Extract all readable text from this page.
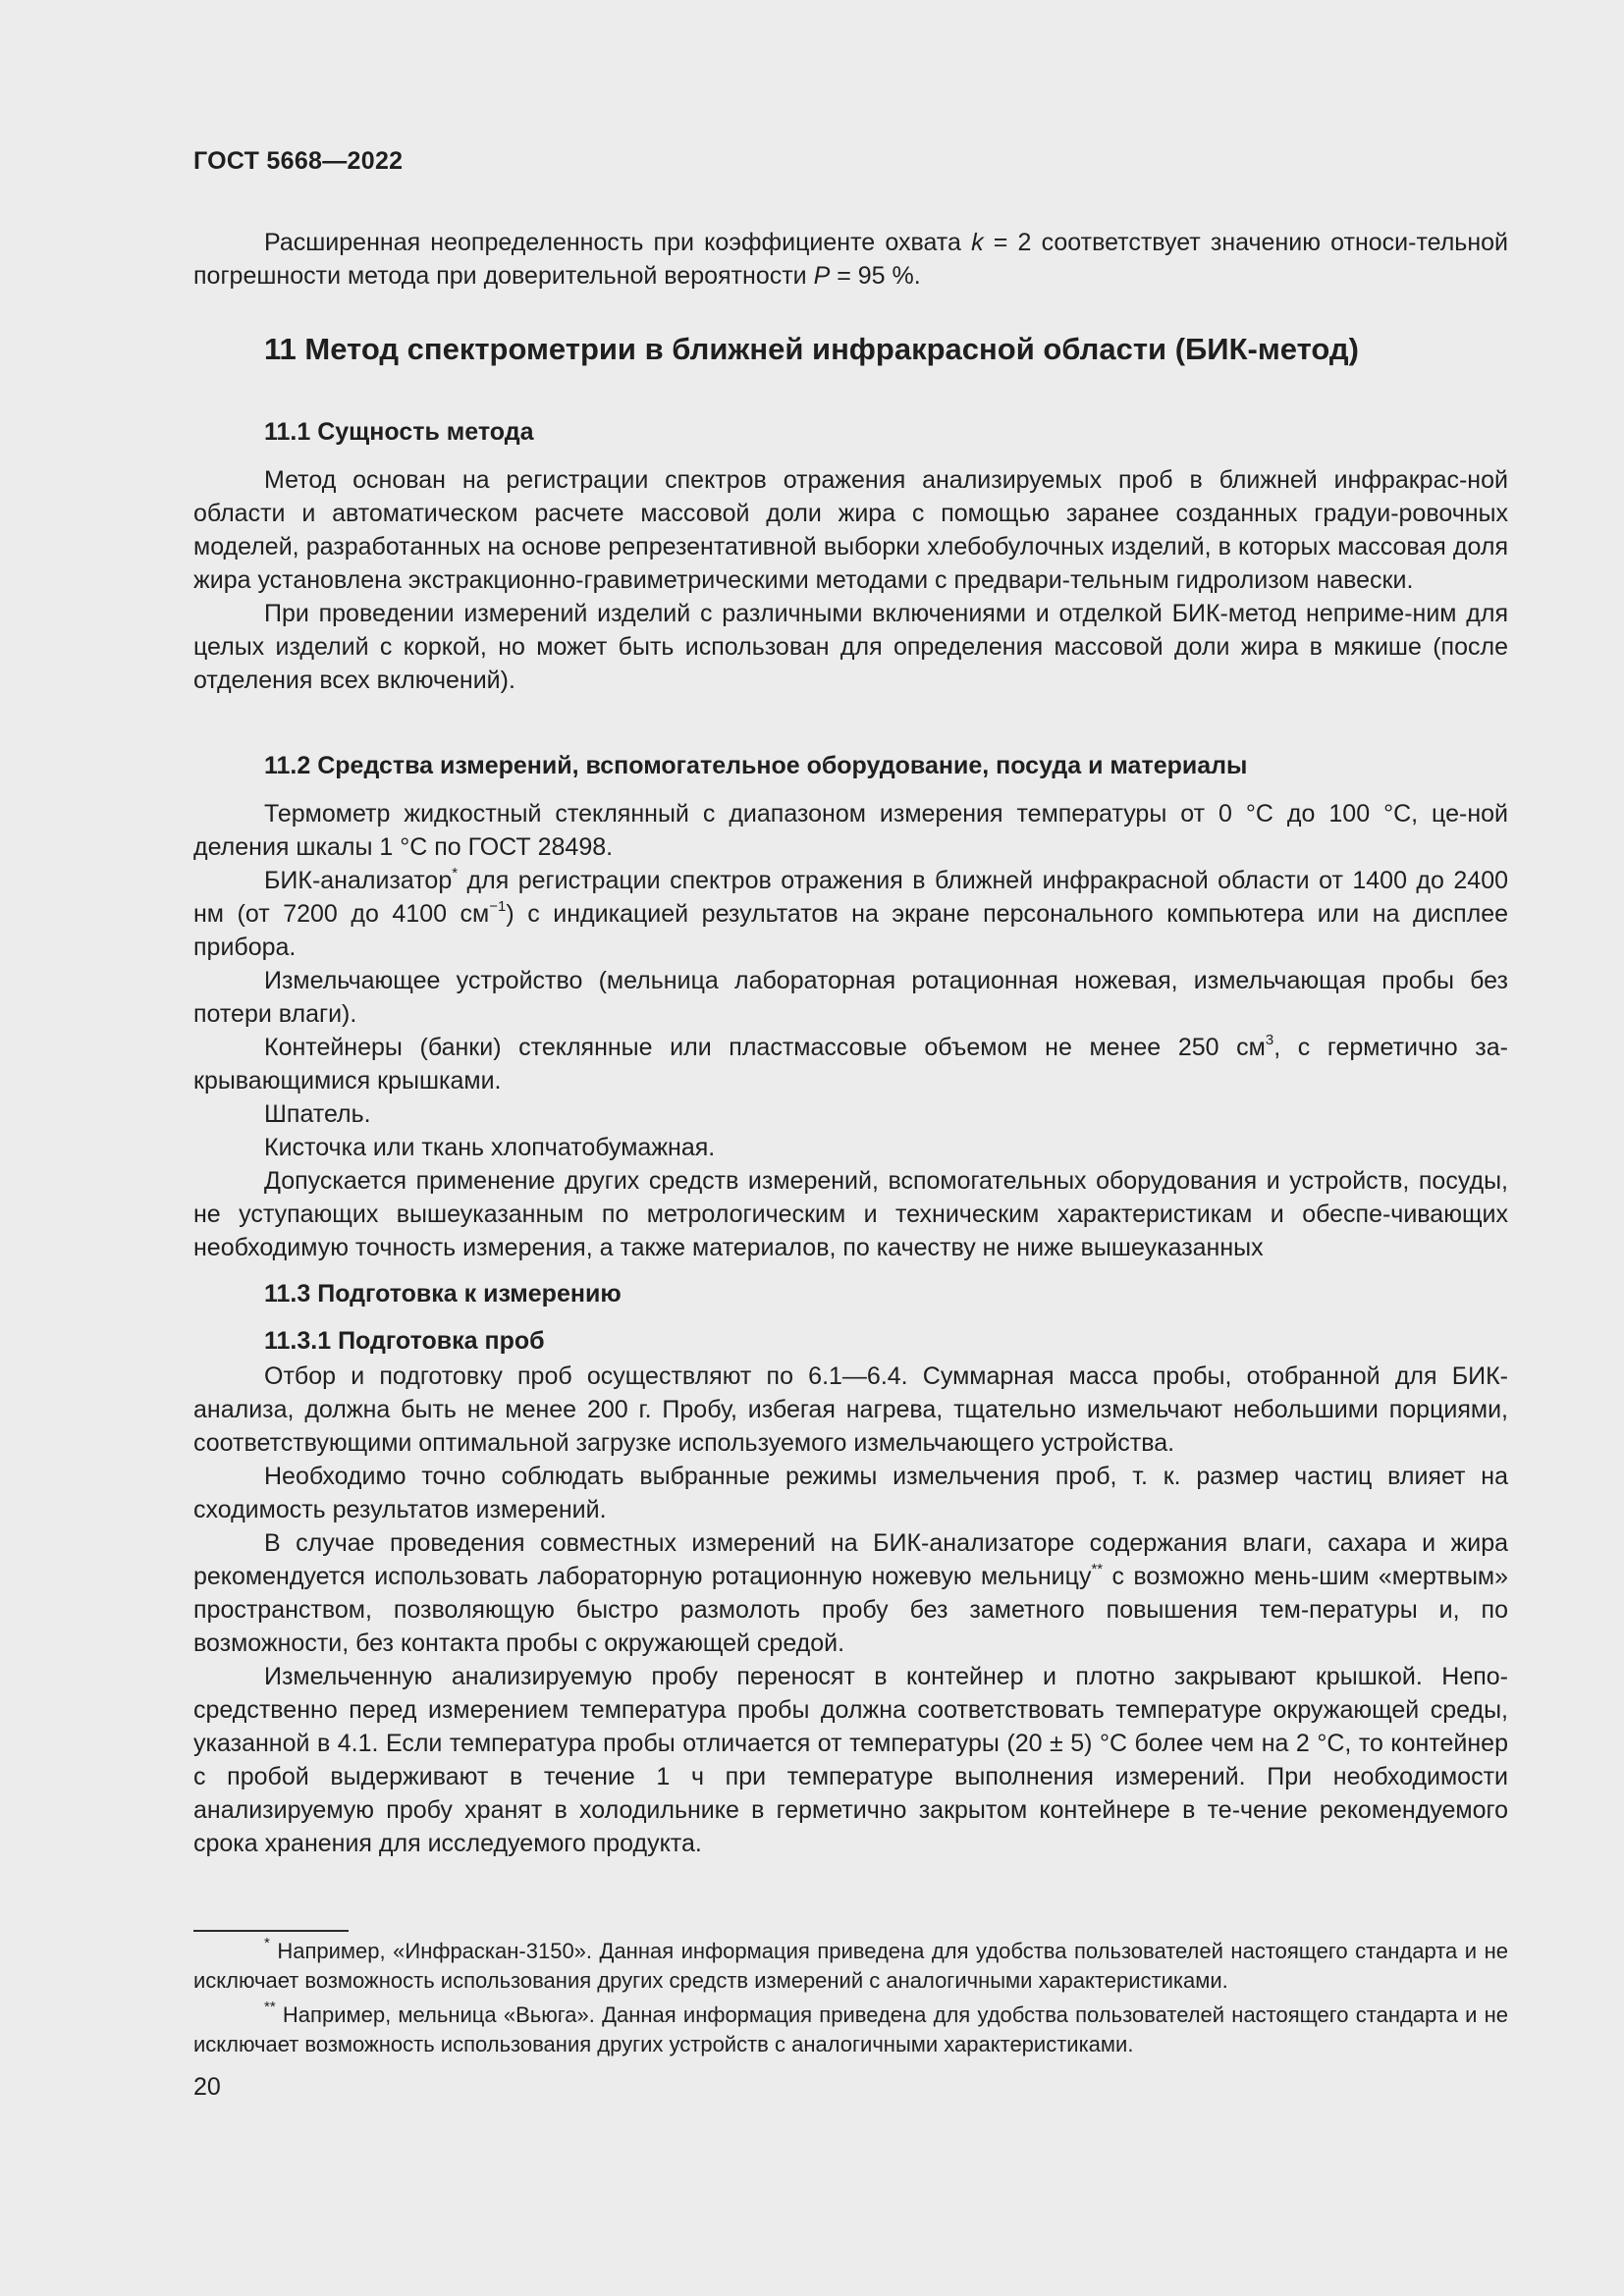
ГОСТ 5668—2022

Расширенная неопределенность при коэффициенте охвата k = 2 соответствует значению относи-тельной погрешности метода при доверительной вероятности P = 95 %.

11 Метод спектрометрии в ближней инфракрасной области (БИК-метод)
11.1 Сущность метода

Метод основан на регистрации спектров отражения анализируемых проб в ближней инфракрас-ной области и автоматическом расчете массовой доли жира с помощью заранее созданных градуи-ровочных моделей, разработанных на основе репрезентативной выборки хлебобулочных изделий, в которых массовая доля жира установлена экстракционно-гравиметрическими методами с предвари-тельным гидролизом навески.

При проведении измерений изделий с различными включениями и отделкой БИК-метод неприме-ним для целых изделий с коркой, но может быть использован для определения массовой доли жира в мякише (после отделения всех включений).

11.2 Средства измерений, вспомогательное оборудование, посуда и материалы

Термометр жидкостный стеклянный с диапазоном измерения температуры от 0 °С до 100 °С, це-ной деления шкалы 1 °С по ГОСТ 28498.

БИК-анализатор* для регистрации спектров отражения в ближней инфракрасной области от 1400 до 2400 нм (от 7200 до 4100 $см^{-1}$) с индикацией результатов на экране персонального компьютера или на дисплее прибора.

Измельчающее устройство (мельница лабораторная ротационная ножевая, измельчающая пробы без потери влаги).

Контейнеры (банки) стеклянные или пластмассовые объемом не менее 250 $см^3$, с герметично за-крывающимися крышками.

Шпатель.

Кисточка или ткань хлопчатобумажная.

Допускается применение других средств измерений, вспомогательных оборудования и устройств, посуды, не уступающих вышеуказанным по метрологическим и техническим характеристикам и обеспе-чивающих необходимую точность измерения, а также материалов, по качеству не ниже вышеуказанных

11.3 Подготовка к измерению
11.3.1 Подготовка проб

Отбор и подготовку проб осуществляют по 6.1—6.4. Суммарная масса пробы, отобранной для БИК-анализа, должна быть не менее 200 г. Пробу, избегая нагрева, тщательно измельчают небольшими порциями, соответствующими оптимальной загрузке используемого измельчающего устройства.

Необходимо точно соблюдать выбранные режимы измельчения проб, т. к. размер частиц влияет на сходимость результатов измерений.

В случае проведения совместных измерений на БИК-анализаторе содержания влаги, сахара и жира рекомендуется использовать лабораторную ротационную ножевую мельницу** с возможно мень-шим «мертвым» пространством, позволяющую быстро размолоть пробу без заметного повышения тем-пературы и, по возможности, без контакта пробы с окружающей средой.

Измельченную анализируемую пробу переносят в контейнер и плотно закрывают крышкой. Непо-средственно перед измерением температура пробы должна соответствовать температуре окружающей среды, указанной в 4.1. Если температура пробы отличается от температуры (20 ± 5) °С более чем на 2 °С, то контейнер с пробой выдерживают в течение 1 ч при температуре выполнения измерений. При необходимости анализируемую пробу хранят в холодильнике в герметично закрытом контейнере в те-чение рекомендуемого срока хранения для исследуемого продукта.

* Например, «Инфраскан-3150». Данная информация приведена для удобства пользователей настоящего стандарта и не исключает возможность использования других средств измерений с аналогичными характеристиками.

** Например, мельница «Вьюга». Данная информация приведена для удобства пользователей настоящего стандарта и не исключает возможность использования других устройств с аналогичными характеристиками.

20
